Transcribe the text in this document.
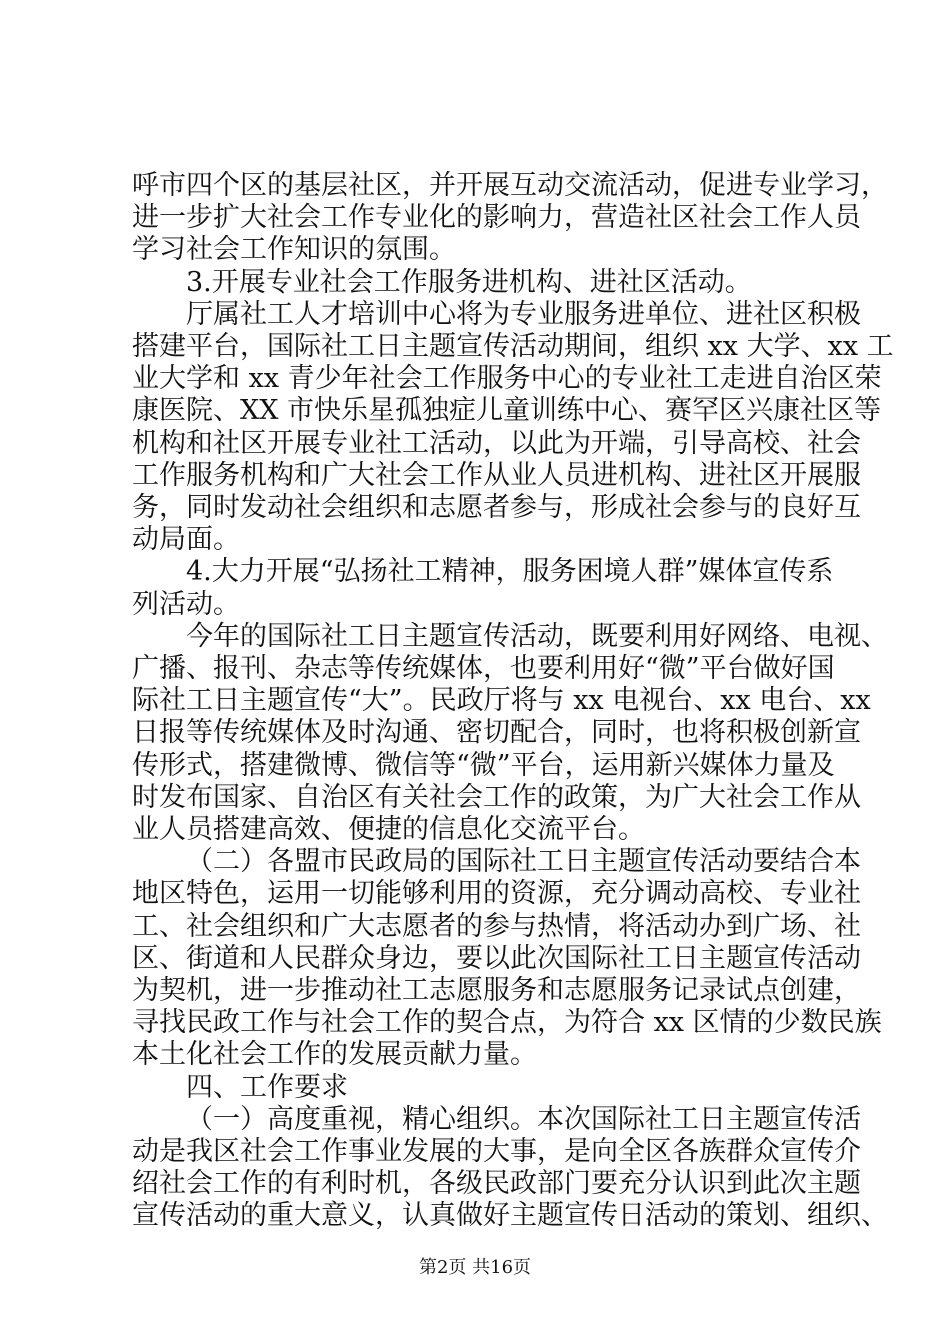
呼市四个区的基层社区，并开展互动交流活动，促进专业学习，
进一步扩大社会工作专业化的影响力，营造社区社会工作人员
学习社会工作知识的氛围。
3.开展专业社会工作服务进机构、进社区活动。
厅属社工人才培训中心将为专业服务进单位、进社区积极
搭建平台，国际社工日主题宣传活动期间，组织 xx 大学、xx 工
业大学和 xx 青少年社会工作服务中心的专业社工走进自治区荣
康医院、XX 市快乐星孤独症儿童训练中心、赛罕区兴康社区等
机构和社区开展专业社工活动，以此为开端，引导高校、社会
工作服务机构和广大社会工作从业人员进机构、进社区开展服
务，同时发动社会组织和志愿者参与，形成社会参与的良好互
动局面。
4.大力开展“弘扬社工精神，服务困境人群”媒体宣传系
列活动。
今年的国际社工日主题宣传活动，既要利用好网络、电视、
广播、报刊、杂志等传统媒体，也要利用好“微”平台做好国
际社工日主题宣传“大”。民政厅将与 xx 电视台、xx 电台、xx
日报等传统媒体及时沟通、密切配合，同时，也将积极创新宣
传形式，搭建微博、微信等“微”平台，运用新兴媒体力量及
时发布国家、自治区有关社会工作的政策，为广大社会工作从
业人员搭建高效、便捷的信息化交流平台。
（二）各盟市民政局的国际社工日主题宣传活动要结合本
地区特色，运用一切能够利用的资源，充分调动高校、专业社
工、社会组织和广大志愿者的参与热情，将活动办到广场、社
区、街道和人民群众身边，要以此次国际社工日主题宣传活动
为契机，进一步推动社工志愿服务和志愿服务记录试点创建，
寻找民政工作与社会工作的契合点，为符合 xx 区情的少数民族
本土化社会工作的发展贡献力量。
四、工作要求
（一）高度重视，精心组织。本次国际社工日主题宣传活
动是我区社会工作事业发展的大事，是向全区各族群众宣传介
绍社会工作的有利时机，各级民政部门要充分认识到此次主题
宣传活动的重大意义，认真做好主题宣传日活动的策划、组织、
第2页 共16页
